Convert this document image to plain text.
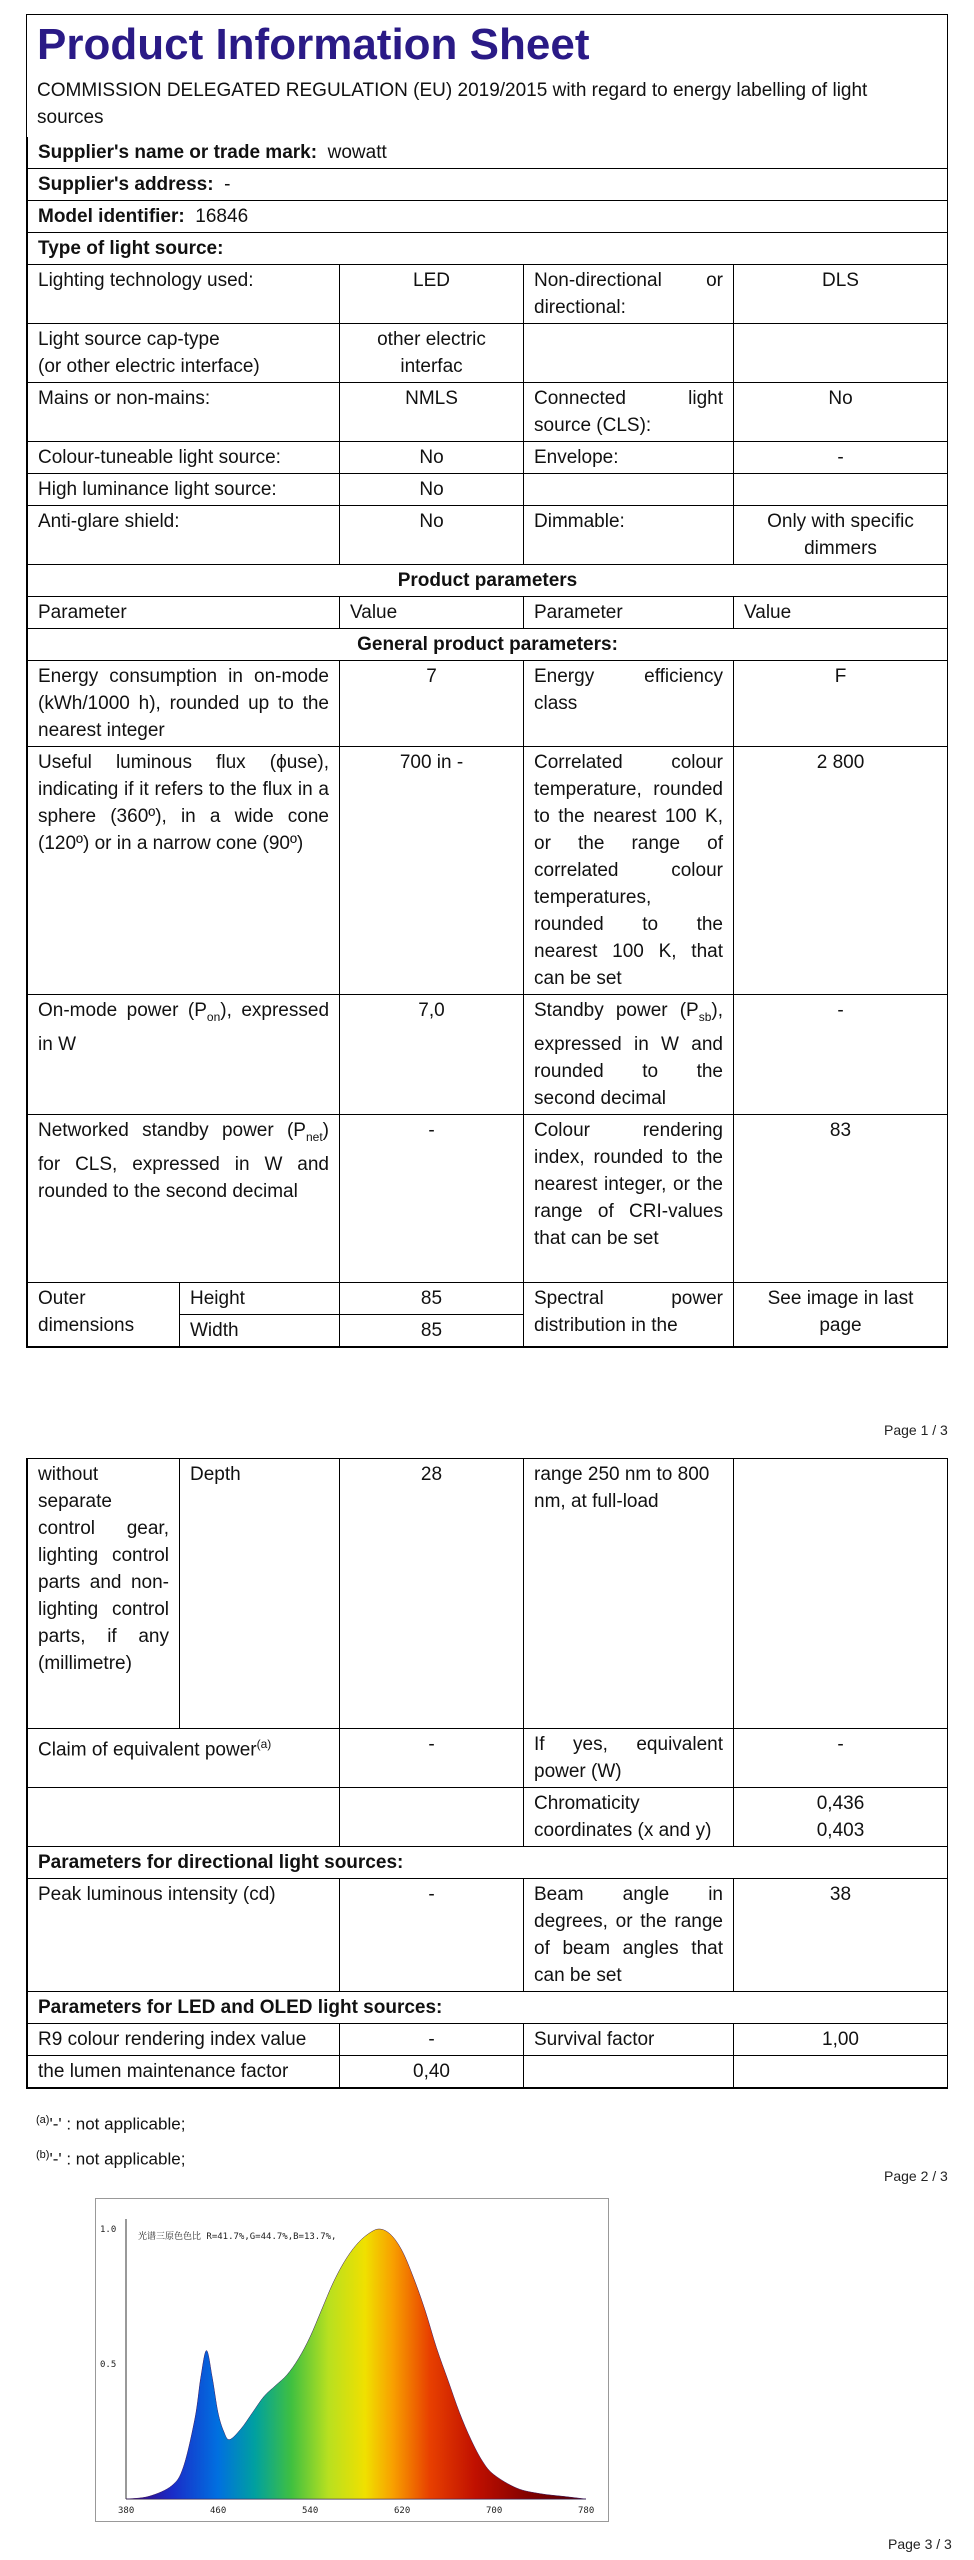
Product Information Sheet
COMMISSION DELEGATED REGULATION (EU) 2019/2015 with regard to energy labelling of light sources
Supplier's name or trade mark: wowatt				
Supplier's address: -				
Model identifier: 16846				
Type of light source:				
Lighting technology used:		LED	Non-directional or directional:	DLS

Light source cap-type
(or other electric interface)		other electric interfac		
Mains or non-mains:		NMLS	Connected light source (CLS):	No
Colour-tuneable light source:		No	Envelope:	-
High luminance light source:		No		
Anti-glare shield:		No	Dimmable:	Only with specific dimmers
Product parameters				
Parameter		Value	Parameter	Value
General product parameters:				
Energy consumption in on-mode (kWh/1000 h), rounded up to the nearest integer		7	Energy efficiency class	F
Useful luminous flux (ϕuse), indicating if it refers to the flux in a sphere (360º), in a wide cone (120º) or in a narrow cone (90º)		700 in -	Correlated colour temperature, rounded to the nearest 100 K, or the range of correlated colour temperatures, rounded to the nearest 100 K, that can be set	2 800
On-mode power $(P_{on})$, expressed in W		7,0	Standby power $(P_{sb})$, expressed in W and rounded to the second decimal	-
Networked standby power $(P_{net})$ for CLS, expressed in W and rounded to the second decimal		-	Colour rendering index, rounded to the nearest integer, or the range of CRI-values that can be set	83
Outer dimensions	Height	85	Spectral power distribution in the	See image in last page
	Width	85		
Page 1 / 3
without separate control gear, lighting control parts and non-lighting control parts, if any (millimetre)	Depth	28	range 250 nm to 800 nm, at full-load	
Claim of equivalent power$^{(a)}$		-	If yes, equivalent power (W)	-
			Chromaticity coordinates (x and y)	0,436
0,403

Parameters for directional light sources:				
Peak luminous intensity (cd)		-	Beam angle in degrees, or the range of beam angles that can be set	38
Parameters for LED and OLED light sources:				
R9 colour rendering index value		-	Survival factor	1,00
the lumen maintenance factor		0,40		
$^{(a)}$'-' : not applicable;
$^{(b)}$'-' : not applicable;
Page 2 / 3
光谱三原色色比 R=41.7%,G=44.7%,B=13.7%,
380	460	540	620	700	780
1.0
0.5
Page 3 / 3
